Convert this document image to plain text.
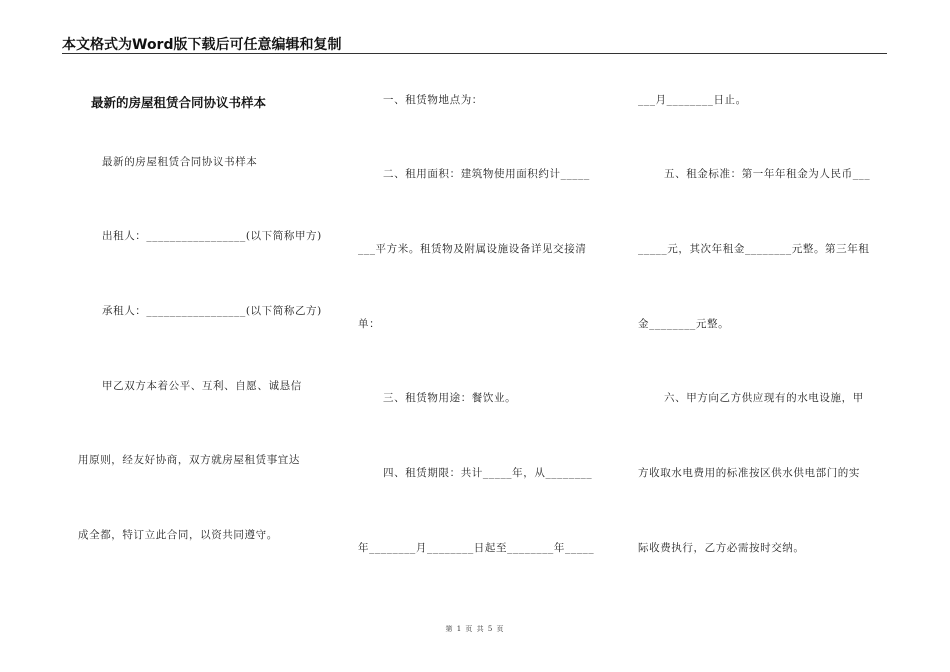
本文格式为Word版下载后可任意编辑和复制
最新的房屋租赁合同协议书样本
最新的房屋租赁合同协议书样本
出租人：_________________(以下简称甲方)
承租人：_________________(以下简称乙方)
甲乙双方本着公平、互利、自愿、诚恳信
用原则，经友好协商，双方就房屋租赁事宜达
成全都，特订立此合同，以资共同遵守。
一、租赁物地点为：
二、租用面积：建筑物使用面积约计_____
___平方米。租赁物及附属设施设备详见交接清
单：
三、租赁物用途：餐饮业。
四、租赁期限：共计_____年，从________
年________月________日起至________年_____
___月________日止。
五、租金标准：第一年年租金为人民币___
_____元，其次年租金________元整。第三年租
金________元整。
六、甲方向乙方供应现有的水电设施，甲
方收取水电费用的标准按区供水供电部门的实
际收费执行，乙方必需按时交纳。
第 1 页 共 5 页
